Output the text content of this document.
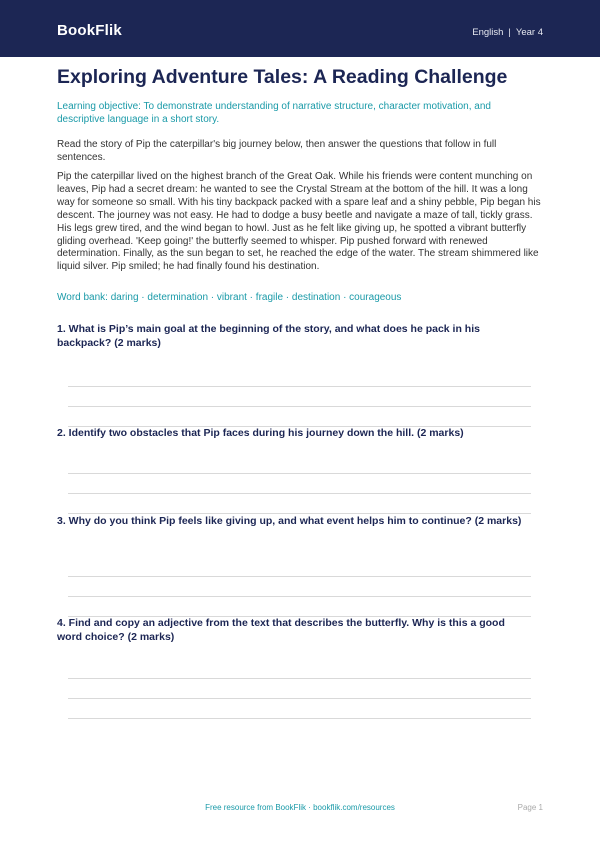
BookFlik	English | Year 4
Exploring Adventure Tales: A Reading Challenge
Learning objective: To demonstrate understanding of narrative structure, character motivation, and descriptive language in a short story.
Read the story of Pip the caterpillar's big journey below, then answer the questions that follow in full sentences.
Pip the caterpillar lived on the highest branch of the Great Oak. While his friends were content munching on leaves, Pip had a secret dream: he wanted to see the Crystal Stream at the bottom of the hill. It was a long way for someone so small. With his tiny backpack packed with a spare leaf and a shiny pebble, Pip began his descent. The journey was not easy. He had to dodge a busy beetle and navigate a maze of tall, tickly grass. His legs grew tired, and the wind began to howl. Just as he felt like giving up, he spotted a vibrant butterfly gliding overhead. 'Keep going!' the butterfly seemed to whisper. Pip pushed forward with renewed determination. Finally, as the sun began to set, he reached the edge of the water. The stream shimmered like liquid silver. Pip smiled; he had finally found his destination.
Word bank: daring · determination · vibrant · fragile · destination · courageous
1. What is Pip’s main goal at the beginning of the story, and what does he pack in his backpack? (2 marks)
2. Identify two obstacles that Pip faces during his journey down the hill. (2 marks)
3. Why do you think Pip feels like giving up, and what event helps him to continue? (2 marks)
4. Find and copy an adjective from the text that describes the butterfly. Why is this a good word choice? (2 marks)
Free resource from BookFlik · bookflik.com/resources	Page 1
